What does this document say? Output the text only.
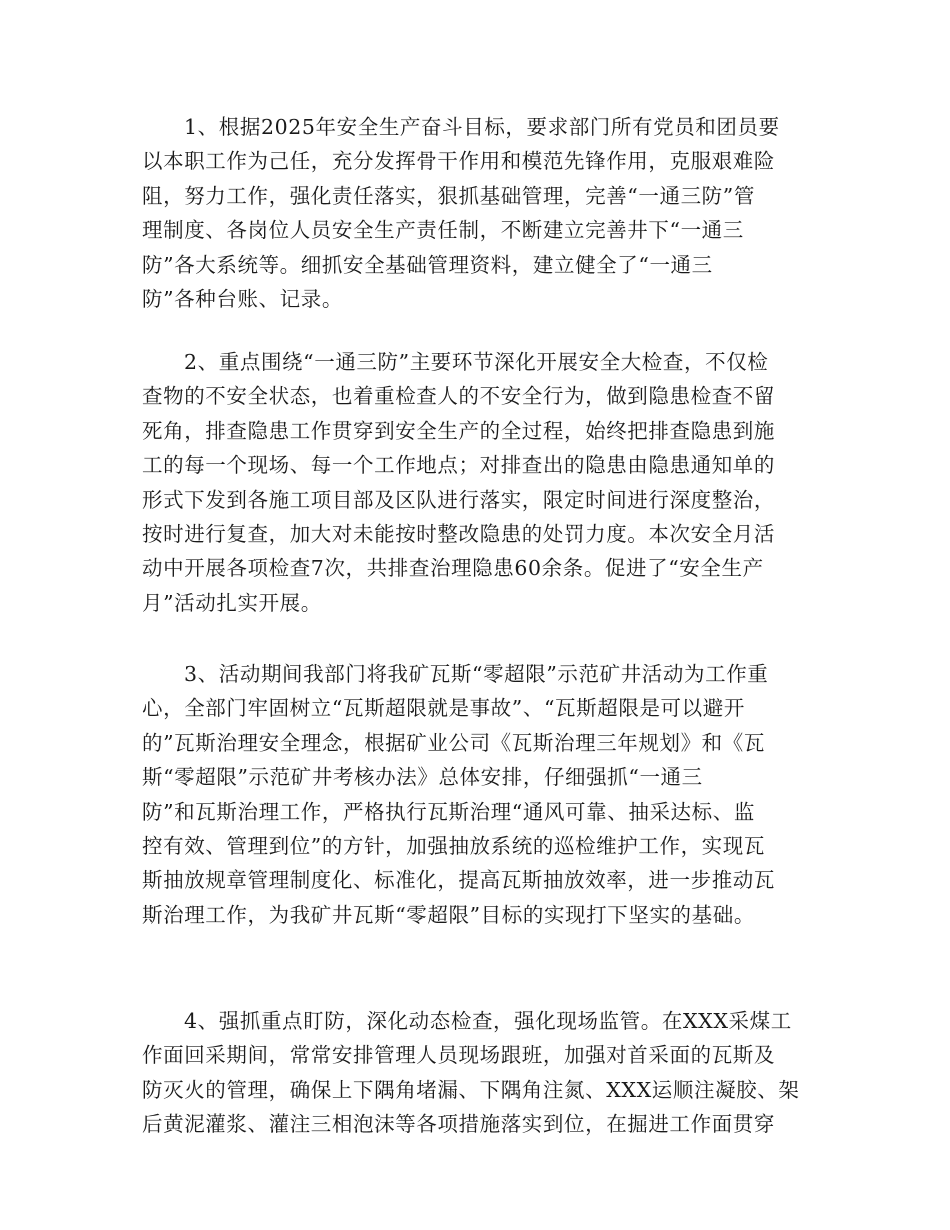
1、根据2025年安全生产奋斗目标，要求部门所有党员和团员要
以本职工作为己任，充分发挥骨干作用和模范先锋作用，克服艰难险
阻，努力工作，强化责任落实，狠抓基础管理，完善“一通三防”管
理制度、各岗位人员安全生产责任制，不断建立完善井下“一通三
防”各大系统等。细抓安全基础管理资料，建立健全了“一通三
防”各种台账、记录。
2、重点围绕“一通三防”主要环节深化开展安全大检查，不仅检
查物的不安全状态，也着重检查人的不安全行为，做到隐患检查不留
死角，排查隐患工作贯穿到安全生产的全过程，始终把排查隐患到施
工的每一个现场、每一个工作地点；对排查出的隐患由隐患通知单的
形式下发到各施工项目部及区队进行落实，限定时间进行深度整治，
按时进行复查，加大对未能按时整改隐患的处罚力度。本次安全月活
动中开展各项检查7次，共排查治理隐患60余条。促进了“安全生产
月”活动扎实开展。
3、活动期间我部门将我矿瓦斯“零超限”示范矿井活动为工作重
心，全部门牢固树立“瓦斯超限就是事故”、“瓦斯超限是可以避开
的”瓦斯治理安全理念，根据矿业公司《瓦斯治理三年规划》和《瓦
斯“零超限”示范矿井考核办法》总体安排，仔细强抓“一通三
防”和瓦斯治理工作，严格执行瓦斯治理“通风可靠、抽采达标、监
控有效、管理到位”的方针，加强抽放系统的巡检维护工作，实现瓦
斯抽放规章管理制度化、标准化，提高瓦斯抽放效率，进一步推动瓦
斯治理工作，为我矿井瓦斯“零超限”目标的实现打下坚实的基础。
4、强抓重点盯防，深化动态检查，强化现场监管。在XXX采煤工
作面回采期间，常常安排管理人员现场跟班，加强对首采面的瓦斯及
防灭火的管理，确保上下隅角堵漏、下隅角注氮、XXX运顺注凝胶、架
后黄泥灌浆、灌注三相泡沫等各项措施落实到位，在掘进工作面贯穿
